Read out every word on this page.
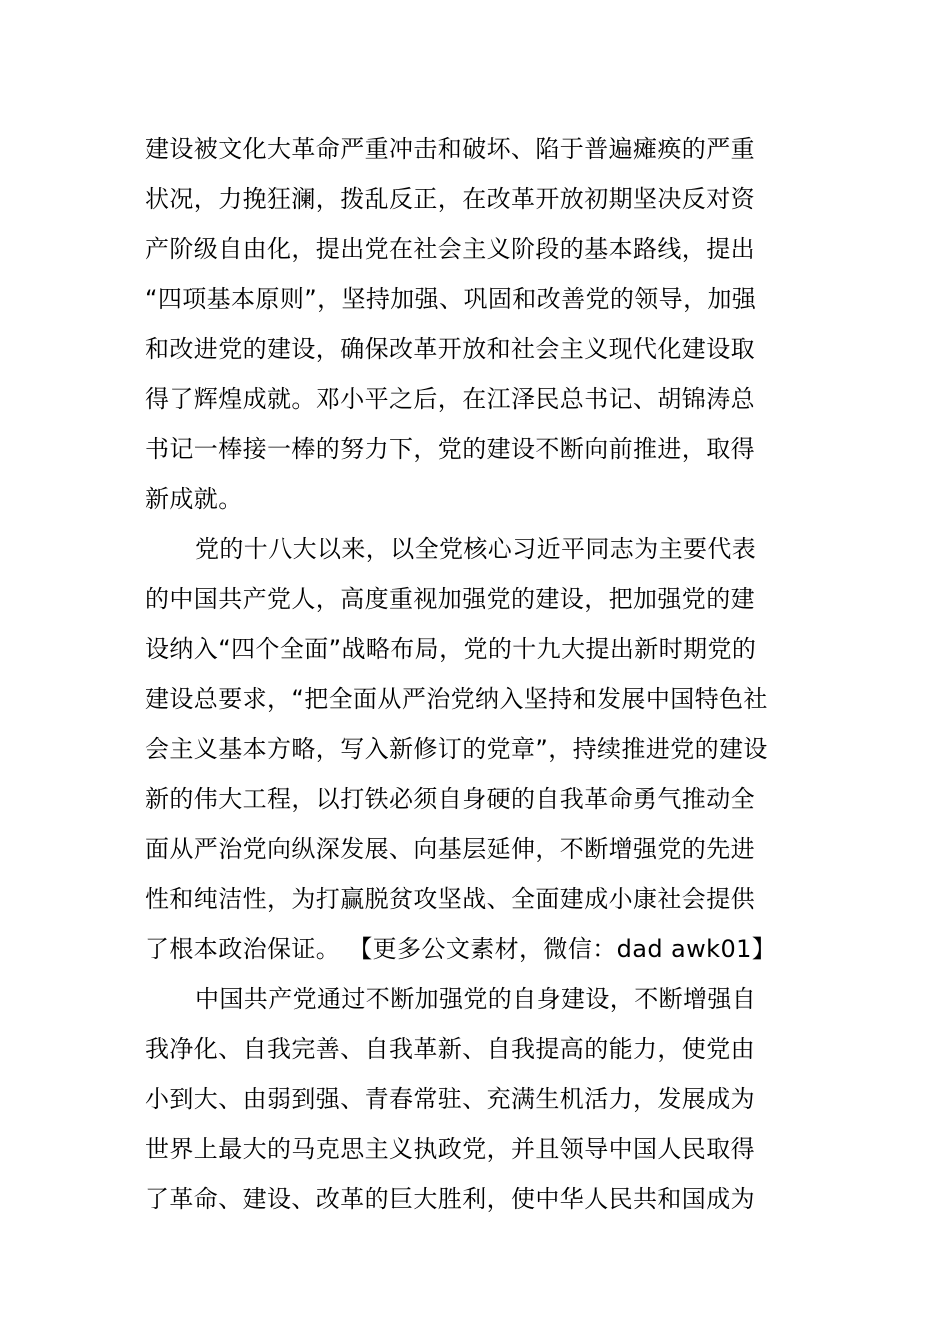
建设被文化大革命严重冲击和破坏、陷于普遍瘫痪的严重
状况，力挽狂澜，拨乱反正，在改革开放初期坚决反对资
产阶级自由化，提出党在社会主义阶段的基本路线，提出
“四项基本原则”，坚持加强、巩固和改善党的领导，加强
和改进党的建设，确保改革开放和社会主义现代化建设取
得了辉煌成就。邓小平之后，在江泽民总书记、胡锦涛总
书记一棒接一棒的努力下，党的建设不断向前推进，取得
新成就。
党的十八大以来，以全党核心习近平同志为主要代表
的中国共产党人，高度重视加强党的建设，把加强党的建
设纳入“四个全面”战略布局，党的十九大提出新时期党的
建设总要求，“把全面从严治党纳入坚持和发展中国特色社
会主义基本方略，写入新修订的党章”，持续推进党的建设
新的伟大工程，以打铁必须自身硬的自我革命勇气推动全
面从严治党向纵深发展、向基层延伸，不断增强党的先进
性和纯洁性，为打赢脱贫攻坚战、全面建成小康社会提供
了根本政治保证。 【更多公文素材，微信：dad awk01】
中国共产党通过不断加强党的自身建设，不断增强自
我净化、自我完善、自我革新、自我提高的能力，使党由
小到大、由弱到强、青春常驻、充满生机活力，发展成为
世界上最大的马克思主义执政党，并且领导中国人民取得
了革命、建设、改革的巨大胜利，使中华人民共和国成为
